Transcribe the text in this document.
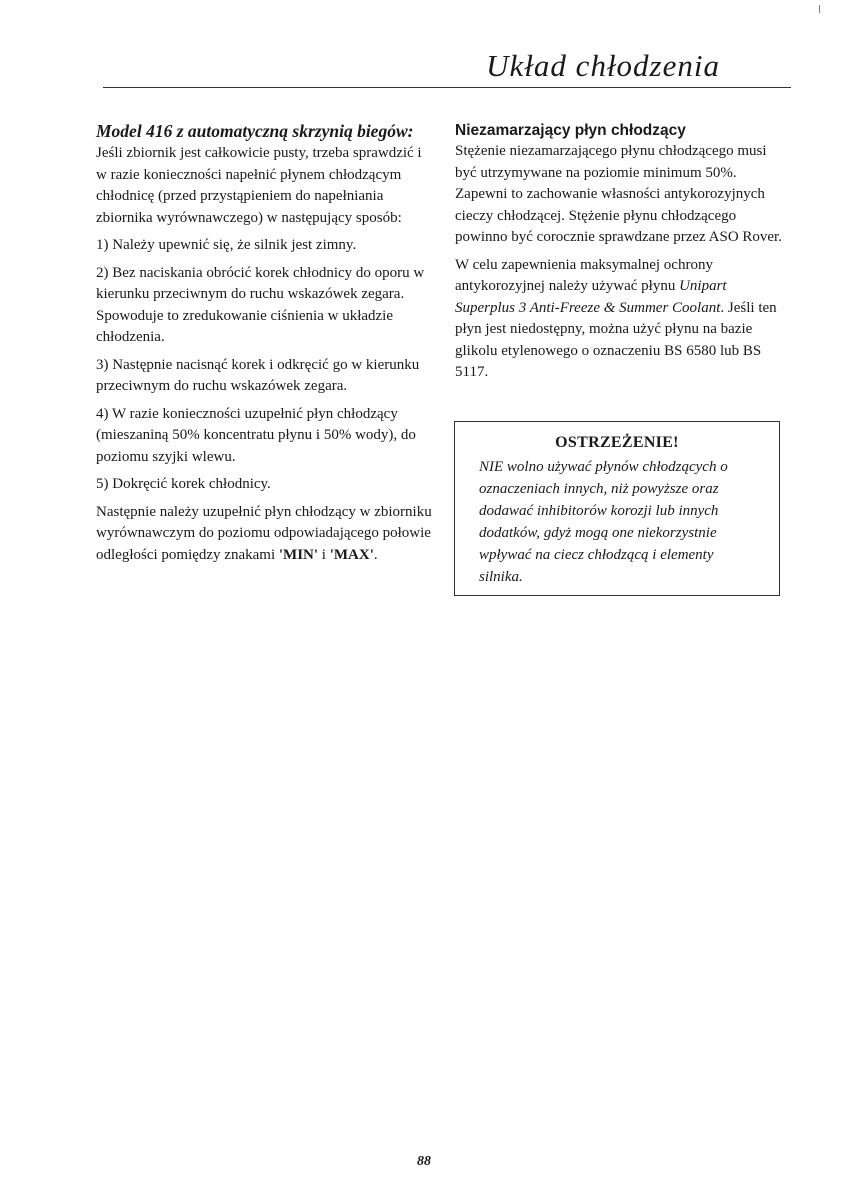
Układ chłodzenia
Model 416 z automatyczną skrzynią biegów:

Jeśli zbiornik jest całkowicie pusty, trzeba sprawdzić i w razie konieczności napełnić płynem chłodzącym chłodnicę (przed przystąpieniem do napełniania zbiornika wyrównawczego) w następujący sposób:

1) Należy upewnić się, że silnik jest zimny.

2) Bez naciskania obrócić korek chłodnicy do oporu w kierunku przeciwnym do ruchu wskazówek zegara. Spowoduje to zredukowanie ciśnienia w układzie chłodzenia.

3) Następnie nacisnąć korek i odkręcić go w kierunku przeciwnym do ruchu wskazówek zegara.

4) W razie konieczności uzupełnić płyn chłodzący (mieszaniną 50% koncentratu płynu i 50% wody), do poziomu szyjki wlewu.

5) Dokręcić korek chłodnicy.

Następnie należy uzupełnić płyn chłodzący w zbiorniku wyrównawczym do poziomu odpowiadającego połowie odległości pomiędzy znakami 'MIN' i 'MAX'.

Niezamarzający płyn chłodzący

Stężenie niezamarzającego płynu chłodzącego musi być utrzymywane na poziomie minimum 50%. Zapewni to zachowanie własności antykorozyjnych cieczy chłodzącej. Stężenie płynu chłodzącego powinno być corocznie sprawdzane przez ASO Rover.

W celu zapewnienia maksymalnej ochrony antykorozyjnej należy używać płynu Unipart Superplus 3 Anti-Freeze & Summer Coolant. Jeśli ten płyn jest niedostępny, można użyć płynu na bazie glikolu etylenowego o oznaczeniu BS 6580 lub BS 5117.

OSTRZEŻENIE!

NIE wolno używać płynów chłodzących o oznaczeniach innych, niż powyższe oraz dodawać inhibitorów korozji lub innych dodatków, gdyż mogą one niekorzystnie wpływać na ciecz chłodzącą i elementy silnika.

88
